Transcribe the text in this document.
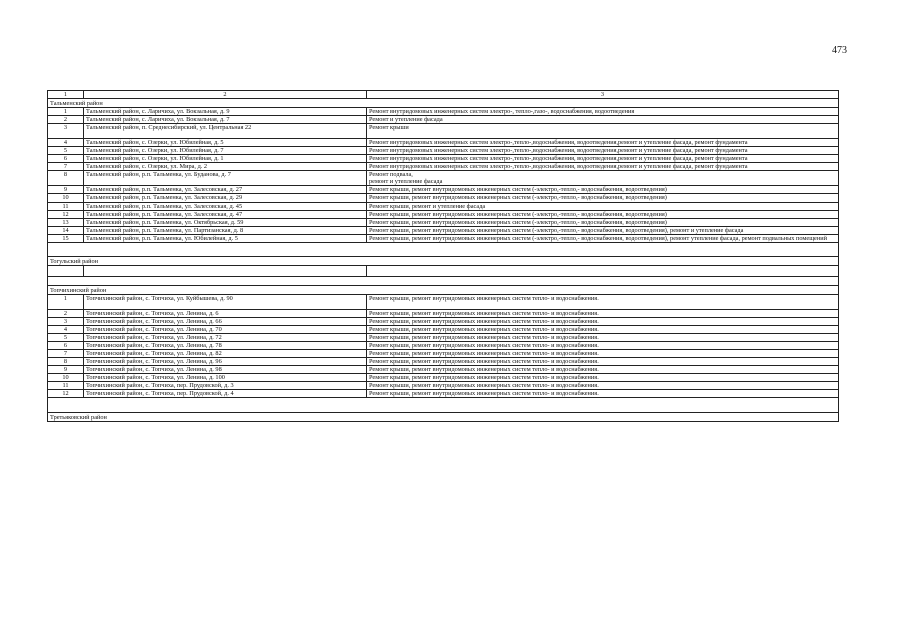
473
1	2	3
Тальменский район		
1	Тальменский район, с. Ларичиха, ул. Вокзальная, д. 9	Ремонт внутридомовых инженерных систем электро-, тепло-,газо-, водоснабжения, водоотведения
2	Тальменский район, с. Ларичиха, ул. Вокзальная, д. 7	Ремонт и утепление фасада
3	Тальменский район, п. Среднесибирский, ул. Центральная 22	Ремонт крыши
4	Тальменский район, с. Озерки, ул. Юбилейная, д. 5	Ремонт внутридомовых инженерных систем электро-,тепло-,водоснабжения, водоотведения,ремонт и утепление фасада, ремонт фундамента
5	Тальменский район, с. Озерки, ул. Юбилейная, д. 7	Ремонт внутридомовых инженерных систем электро-,тепло-,водоснабжения, водоотведения,ремонт и утепление фасада, ремонт фундамента
6	Тальменский район, с. Озерки, ул. Юбилейная, д. 1	Ремонт внутридомовых инженерных систем электро-,тепло-,водоснабжения, водоотведения,ремонт и утепление фасада, ремонт фундамента
7	Тальменский район, с. Озерки, ул. Мира, д. 2	Ремонт внутридомовых инженерных систем электро-,тепло-,водоснабжения, водоотведения,ремонт и утепление фасада, ремонт фундамента
8	Тальменский район, р.п. Тальменка, ул. Буданова, д. 7	Ремонт подвала,
ремонт и утепление фасада
9	Тальменский район, р.п. Тальменка, ул. Залесовская, д. 27	Ремонт крыши, ремонт внутридомовых инженерных систем (-электро,-тепло,- водоснабжения, водоотведения)
10	Тальменский район, р.п. Тальменка, ул. Залесовская, д. 29	Ремонт крыши, ремонт внутридомовых инженерных систем (-электро,-тепло,- водоснабжения, водоотведения)
11	Тальменский район, р.п. Тальменка, ул. Залесовская, д. 45	Ремонт крыши, ремонт и утепление фасада
12	Тальменский район, р.п. Тальменка, ул. Залесовская, д. 47	Ремонт крыши, ремонт внутридомовых инженерных систем (-электро,-тепло,- водоснабжения, водоотведения)
13	Тальменский район, р.п. Тальменка, ул. Октябрьская, д. 59	Ремонт крыши, ремонт внутридомовых инженерных систем (-электро,-тепло,- водоснабжения, водоотведения)
14	Тальменский район, р.п. Тальменка, ул. Партизанская, д. 8	Ремонт крыши, ремонт внутридомовых инженерных систем (-электро,-тепло,- водоснабжения, водоотведения), ремонт и утепление фасада
15	Тальменский район, р.п. Тальменка, ул. Юбилейная, д. 5	Ремонт крыши, ремонт внутридомовых инженерных систем (-электро,-тепло,- водоснабжения, водоотведения), ремонт утепление фасада, ремонт подвальных помещений

Тогульский район		

Топчихинский район		
1	Топчихинский район, с. Топчиха, ул. Куйбышева, д. 90	Ремонт крыши, ремонт внутридомовых инженерных систем тепло- и водоснабжения.
2	Топчихинский район, с. Топчиха, ул. Ленина, д. 6	Ремонт крыши, ремонт внутридомовых инженерных систем тепло- и водоснабжения.
3	Топчихинский район, с. Топчиха, ул. Ленина, д. 66	Ремонт крыши, ремонт внутридомовых инженерных систем тепло- и водоснабжения.
4	Топчихинский район, с. Топчиха, ул. Ленина, д. 70	Ремонт крыши, ремонт внутридомовых инженерных систем тепло- и водоснабжения.
5	Топчихинский район, с. Топчиха, ул. Ленина, д. 72	Ремонт крыши, ремонт внутридомовых инженерных систем тепло- и водоснабжения.
6	Топчихинский район, с. Топчиха, ул. Ленина, д. 78	Ремонт крыши, ремонт внутридомовых инженерных систем тепло- и водоснабжения.
7	Топчихинский район, с. Топчиха, ул. Ленина, д. 82	Ремонт крыши, ремонт внутридомовых инженерных систем тепло- и водоснабжения.
8	Топчихинский район, с. Топчиха, ул. Ленина, д. 96	Ремонт крыши, ремонт внутридомовых инженерных систем тепло- и водоснабжения.
9	Топчихинский район, с. Топчиха, ул. Ленина, д. 98	Ремонт крыши, ремонт внутридомовых инженерных систем тепло- и водоснабжения.
10	Топчихинский район, с. Топчиха, ул. Ленина, д. 100	Ремонт крыши, ремонт внутридомовых инженерных систем тепло- и водоснабжения.
11	Топчихинский район, с. Топчиха, пер. Прудовской, д. 3	Ремонт крыши, ремонт внутридомовых инженерных систем тепло- и водоснабжения.
12	Топчихинский район, с. Топчиха, пер. Прудовской, д. 4	Ремонт крыши, ремонт внутридомовых инженерных систем тепло- и водоснабжения.

Третьяковский район		
